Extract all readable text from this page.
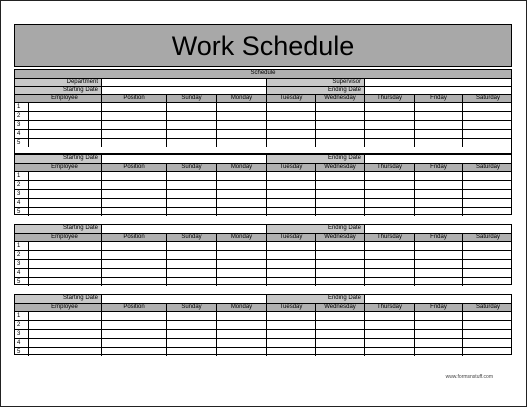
Work Schedule
Schedule
Department	Supervisor
Starting Date	Ending Date
Employee	Position	Sunday	Monday	Tuesday	Wednesday	Thursday	Friday	Saturday
1
2
3
4
5
Starting Date	Ending Date
Employee	Position	Sunday	Monday	Tuesday	Wednesday	Thursday	Friday	Saturday
1
2
3
4
5
Starting Date	Ending Date
Employee	Position	Sunday	Monday	Tuesday	Wednesday	Thursday	Friday	Saturday
1
2
3
4
5
Starting Date	Ending Date
Employee	Position	Sunday	Monday	Tuesday	Wednesday	Thursday	Friday	Saturday
1
2
3
4
5
www.formsnstuff.com
